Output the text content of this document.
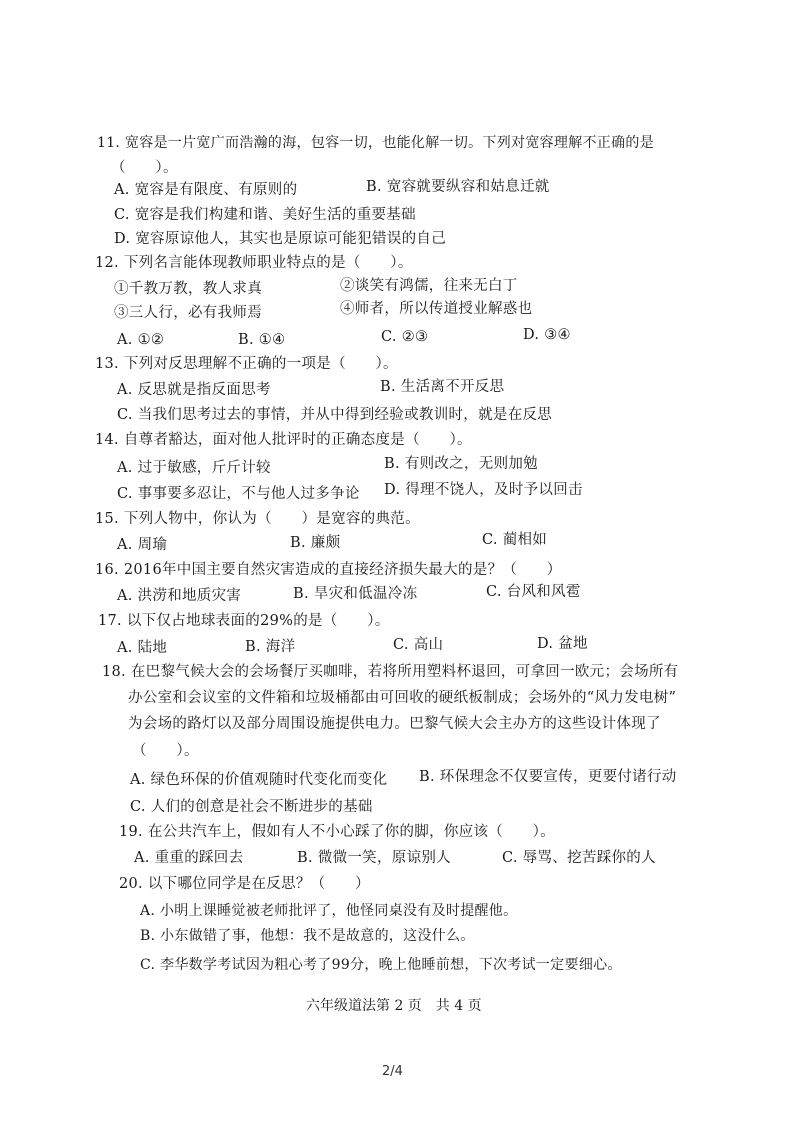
11. 宽容是一片宽广而浩瀚的海，包容一切，也能化解一切。下列对宽容理解不正确的是
（　　）。
A. 宽容是有限度、有原则的	B. 宽容就要纵容和姑息迁就
C. 宽容是我们构建和谐、美好生活的重要基础
D. 宽容原谅他人，其实也是原谅可能犯错误的自己
12. 下列名言能体现教师职业特点的是（　　）。
①千教万教，教人求真	②谈笑有鸿儒，往来无白丁
③三人行，必有我师焉	④师者，所以传道授业解惑也
A. ①②	B. ①④	C. ②③	D. ③④
13. 下列对反思理解不正确的一项是（　　）。
A. 反思就是指反面思考	B. 生活离不开反思
C. 当我们思考过去的事情，并从中得到经验或教训时，就是在反思
14. 自尊者豁达，面对他人批评时的正确态度是（　　）。
A. 过于敏感，斤斤计较	B. 有则改之，无则加勉
C. 事事要多忍让，不与他人过多争论 D. 得理不饶人，及时予以回击
15. 下列人物中，你认为（　　）是宽容的典范。
A. 周瑜	B. 廉颇	C. 蔺相如
16. 2016年中国主要自然灾害造成的直接经济损失最大的是？（　　）
A. 洪涝和地质灾害	B. 旱灾和低温冷冻	C. 台风和风雹
17. 以下仅占地球表面的29%的是（　　）。
A. 陆地	B. 海洋	C. 高山	D. 盆地
18. 在巴黎气候大会的会场餐厅买咖啡，若将所用塑料杯退回，可拿回一欧元；会场所有
办公室和会议室的文件箱和垃圾桶都由可回收的硬纸板制成；会场外的“风力发电树”
为会场的路灯以及部分周围设施提供电力。巴黎气候大会主办方的这些设计体现了
（　　）。
A. 绿色环保的价值观随时代变化而变化 B. 环保理念不仅要宣传，更要付诸行动
C. 人们的创意是社会不断进步的基础
19. 在公共汽车上，假如有人不小心踩了你的脚，你应该（　　）。
A. 重重的踩回去	B. 微微一笑，原谅别人	C. 辱骂、挖苦踩你的人
20. 以下哪位同学是在反思？（　　）
A. 小明上课睡觉被老师批评了，他怪同桌没有及时提醒他。
B. 小东做错了事，他想：我不是故意的，这没什么。
C. 李华数学考试因为粗心考了99分，晚上他睡前想，下次考试一定要细心。
六年级道法第 2 页　共 4 页
2/4
